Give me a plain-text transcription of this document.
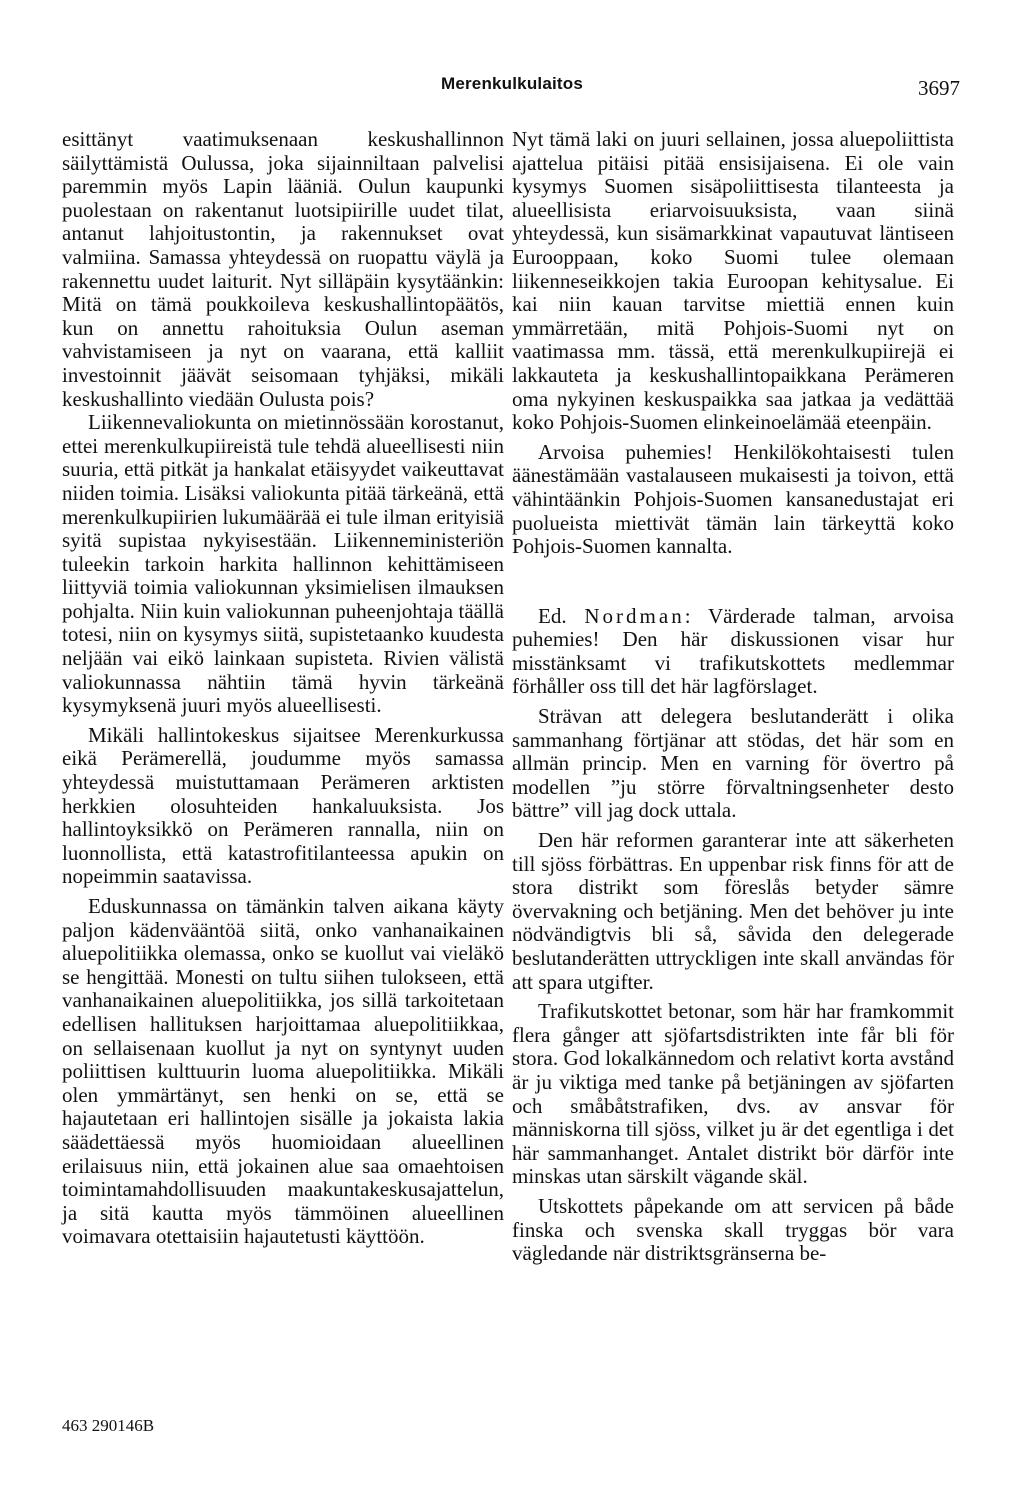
Merenkulkulaitos	3697

esittänyt vaatimuksenaan keskushallinnon säilyttämistä Oulussa, joka sijainniltaan palvelisi paremmin myös Lapin lääniä. Oulun kaupunki puolestaan on rakentanut luotsipiirille uudet tilat, antanut lahjoitustontin, ja rakennukset ovat valmiina. Samassa yhteydessä on ruopattu väylä ja rakennettu uudet laiturit. Nyt silläpäin kysytäänkin: Mitä on tämä poukkoileva keskushallintopäätös, kun on annettu rahoituksia Oulun aseman vahvistamiseen ja nyt on vaarana, että kalliit investoinnit jäävät seisomaan tyhjäksi, mikäli keskushallinto viedään Oulusta pois?

Liikennevaliokunta on mietinnössään korostanut, ettei merenkulkupiireistä tule tehdä alueellisesti niin suuria, että pitkät ja hankalat etäisyydet vaikeuttavat niiden toimia. Lisäksi valiokunta pitää tärkeänä, että merenkulkupiirien lukumäärää ei tule ilman erityisiä syitä supistaa nykyisestään. Liikenneministeriön tuleekin tarkoin harkita hallinnon kehittämiseen liittyviä toimia valiokunnan yksimielisen ilmauksen pohjalta. Niin kuin valiokunnan puheenjohtaja täällä totesi, niin on kysymys siitä, supistetaanko kuudesta neljään vai eikö lainkaan supisteta. Rivien välistä valiokunnassa nähtiin tämä hyvin tärkeänä kysymyksenä juuri myös alueellisesti.

Mikäli hallintokeskus sijaitsee Merenkurkussa eikä Perämerellä, joudumme myös samassa yhteydessä muistuttamaan Perämeren arktisten herkkien olosuhteiden hankaluuksista. Jos hallintoyksikkö on Perämeren rannalla, niin on luonnollista, että katastrofitilanteessa apukin on nopeimmin saatavissa.

Eduskunnassa on tämänkin talven aikana käyty paljon kädenvääntöä siitä, onko vanhanaikainen aluepolitiikka olemassa, onko se kuollut vai vieläkö se hengittää. Monesti on tultu siihen tulokseen, että vanhanaikainen aluepolitiikka, jos sillä tarkoitetaan edellisen hallituksen harjoittamaa aluepolitiikkaa, on sellaisenaan kuollut ja nyt on syntynyt uuden poliittisen kulttuurin luoma aluepolitiikka. Mikäli olen ymmärtänyt, sen henki on se, että se hajautetaan eri hallintojen sisälle ja jokaista lakia säädettäessä myös huomioidaan alueellinen erilaisuus niin, että jokainen alue saa omaehtoisen toimintamahdollisuuden maakuntakeskusajattelun, ja sitä kautta myös tämmöinen alueellinen voimavara otettaisiin hajautetusti käyttöön.

Nyt tämä laki on juuri sellainen, jossa aluepoliittista ajattelua pitäisi pitää ensisijaisena. Ei ole vain kysymys Suomen sisäpoliittisesta tilanteesta ja alueellisista eriarvoisuuksista, vaan siinä yhteydessä, kun sisämarkkinat vapautuvat läntiseen Eurooppaan, koko Suomi tulee olemaan liikenneseikkojen takia Euroopan kehitysalue. Ei kai niin kauan tarvitse miettiä ennen kuin ymmärretään, mitä Pohjois-Suomi nyt on vaatimassa mm. tässä, että merenkulkupiirejä ei lakkauteta ja keskushallintopaikkana Perämeren oma nykyinen keskuspaikka saa jatkaa ja vedättää koko Pohjois-Suomen elinkeinoelämää eteenpäin.

Arvoisa puhemies! Henkilökohtaisesti tulen äänestämään vastalauseen mukaisesti ja toivon, että vähintäänkin Pohjois-Suomen kansanedustajat eri puolueista miettivät tämän lain tärkeyttä koko Pohjois-Suomen kannalta.

Ed. Nordman: Värderade talman, arvoisa puhemies! Den här diskussionen visar hur misstänksamt vi trafikutskottets medlemmar förhåller oss till det här lagförslaget.

Strävan att delegera beslutanderätt i olika sammanhang förtjänar att stödas, det här som en allmän princip. Men en varning för övertro på modellen ”ju större förvaltningsenheter desto bättre” vill jag dock uttala.

Den här reformen garanterar inte att säkerheten till sjöss förbättras. En uppenbar risk finns för att de stora distrikt som föreslås betyder sämre övervakning och betjäning. Men det behöver ju inte nödvändigtvis bli så, såvida den delegerade beslutanderätten uttryckligen inte skall användas för att spara utgifter.

Trafikutskottet betonar, som här har framkommit flera gånger att sjöfartsdistrikten inte får bli för stora. God lokalkännedom och relativt korta avstånd är ju viktiga med tanke på betjäningen av sjöfarten och småbåtstrafiken, dvs. av ansvar för människorna till sjöss, vilket ju är det egentliga i det här sammanhanget. Antalet distrikt bör därför inte minskas utan särskilt vägande skäl.

Utskottets påpekande om att servicen på både finska och svenska skall tryggas bör vara vägledande när distriktsgränserna be-

463 290146B
